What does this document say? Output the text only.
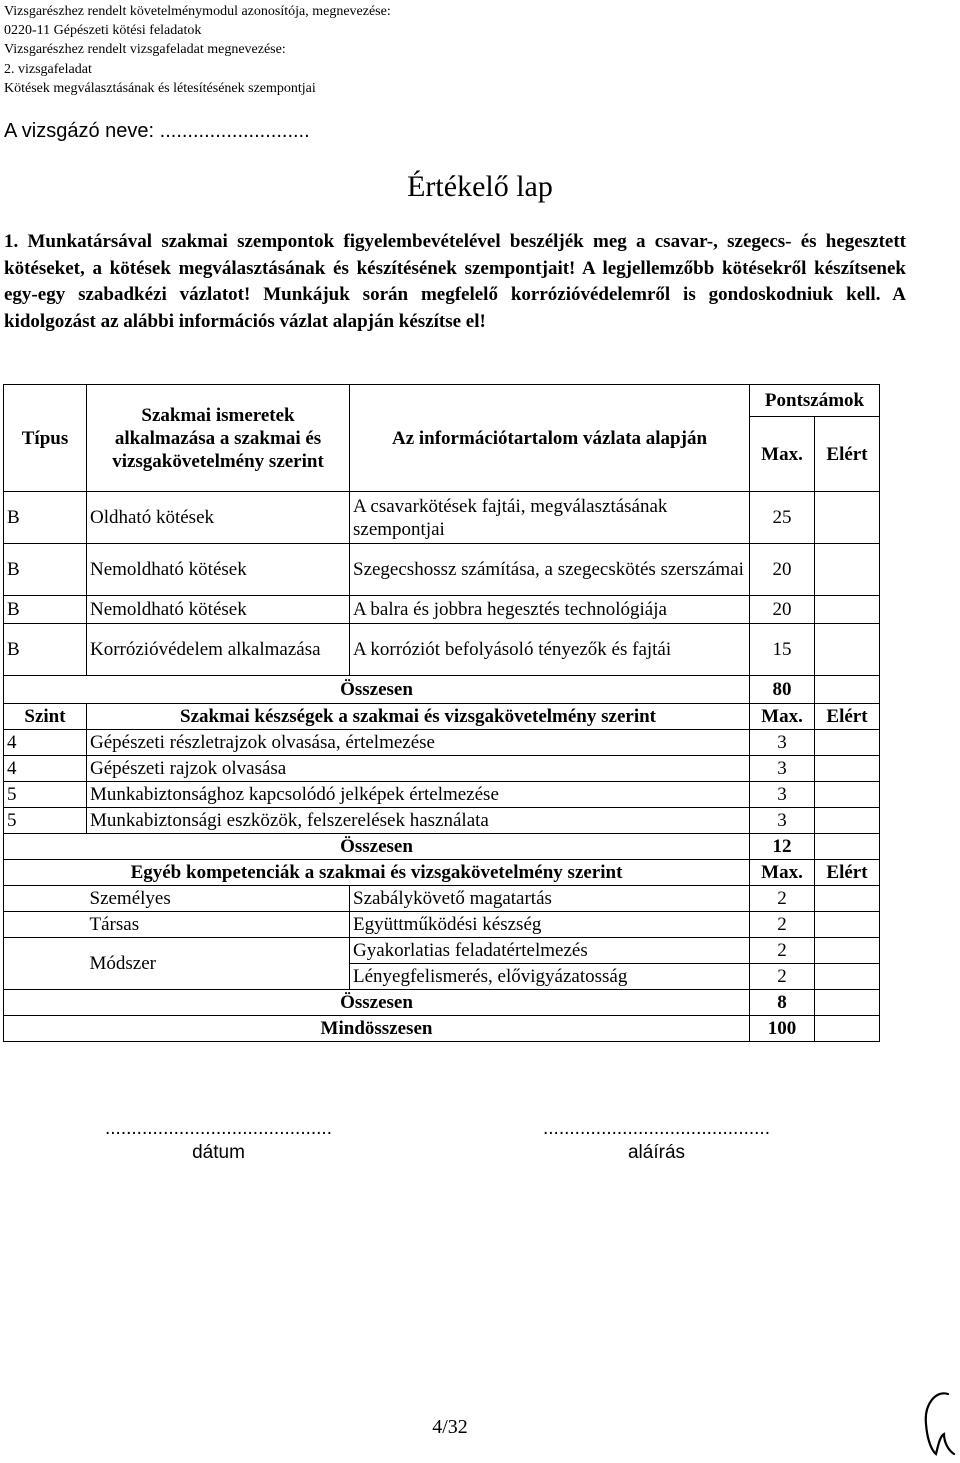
Vizsgarészhez rendelt követelménymodul azonosítója, megnevezése:
0220-11 Gépészeti kötési feladatok
Vizsgarészhez rendelt vizsgafeladat megnevezése:
2. vizsgafeladat
Kötések megválasztásának és létesítésének szempontjai
A vizsgázó neve: ...........................
Értékelő lap
1. Munkatársával szakmai szempontok figyelembevételével beszéljék meg a csavar-, szegecs- és hegesztett kötéseket, a kötések megválasztásának és készítésének szempontjait! A legjellemzőbb kötésekről készítsenek egy-egy szabadkézi vázlatot! Munkájuk során megfelelő korrózióvédelemről is gondoskodniuk kell. A kidolgozást az alábbi információs vázlat alapján készítse el!
Típus	Szakmai ismeretek alkalmazása a szakmai és vizsgakövetelmény szerint	Az információtartalom vázlata alapján	Pontszámok	
			Max.	Elért
B	Oldható kötések	A csavarkötések fajtái, megválasztásának szempontjai	25	
B	Nemoldható kötések	Szegecshossz számítása, a szegecskötés szerszámai	20	
B	Nemoldható kötések	A balra és jobbra hegesztés technológiája	20	
B	Korrózióvédelem alkalmazása	A korróziót befolyásoló tényezők és fajtái	15	
Összesen			80	
Szint	Szakmai készségek a szakmai és vizsgakövetelmény szerint		Max.	Elért
4	Gépészeti részletrajzok olvasása, értelmezése		3	
4	Gépészeti rajzok olvasása		3	
5	Munkabiztonsághoz kapcsolódó jelképek értelmezése		3	
5	Munkabiztonsági eszközök, felszerelések használata		3	
Összesen			12	
Egyéb kompetenciák a szakmai és vizsgakövetelmény szerint			Max.	Elért
	Személyes	Szabálykövető magatartás	2	
	Társas	Együttműködési készség	2	
	Módszer	Gyakorlatias feladatértelmezés	2	
		Lényegfelismerés, elővigyázatosság	2	
Összesen			8	
Mindösszesen			100	
...........................................
dátum
...........................................
aláírás
4/32
